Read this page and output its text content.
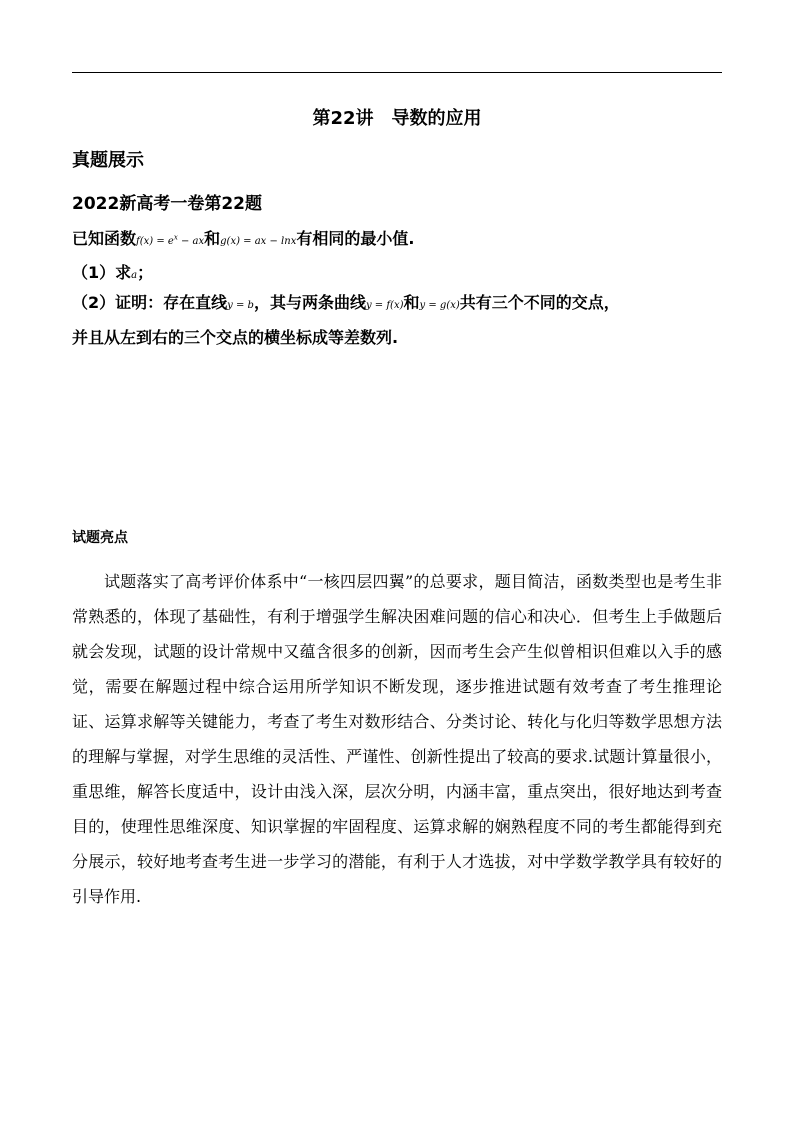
第22讲　导数的应用
真题展示
2022新高考一卷第22题
已知函数$f(x) = e^x$ − ax和g(x) = ax − lnx有相同的最小值.
（1）求a；
（2）证明：存在直线y = b，其与两条曲线y = f(x)和y = g(x)共有三个不同的交点，
并且从左到右的三个交点的横坐标成等差数列.
试题亮点

试题落实了高考评价体系中“一核四层四翼”的总要求，题目简洁，函数类型也是考生非常熟悉的，体现了基础性，有利于增强学生解决困难问题的信心和决心．但考生上手做题后就会发现，试题的设计常规中又蕴含很多的创新，因而考生会产生似曾相识但难以入手的感觉，需要在解题过程中综合运用所学知识不断发现，逐步推进试题有效考查了考生推理论证、运算求解等关键能力，考查了考生对数形结合、分类讨论、转化与化归等数学思想方法的理解与掌握，对学生思维的灵活性、严谨性、创新性提出了较高的要求.试题计算量很小，重思维，解答长度适中，设计由浅入深，层次分明，内涵丰富，重点突出，很好地达到考查目的，使理性思维深度、知识掌握的牢固程度、运算求解的娴熟程度不同的考生都能得到充分展示，较好地考查考生进一步学习的潜能，有利于人才选拔，对中学数学教学具有较好的引导作用.
